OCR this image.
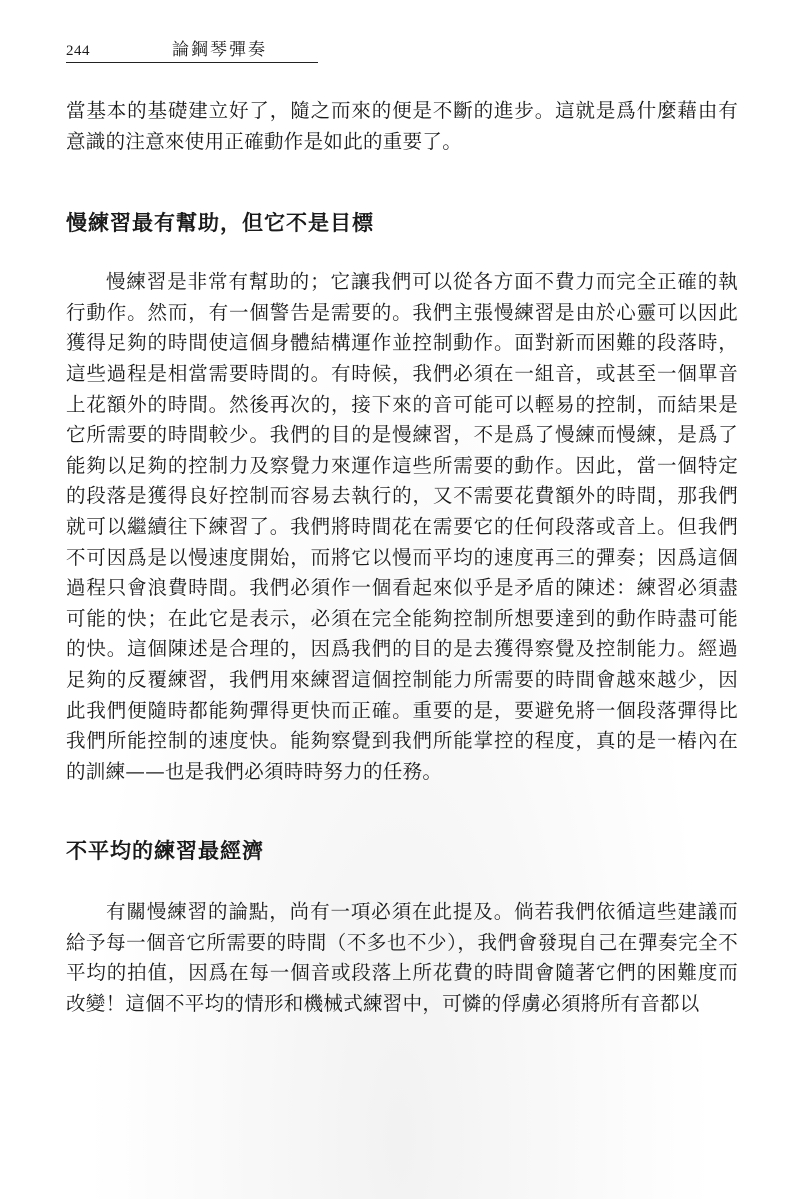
244	論鋼琴彈奏

當基本的基礎建立好了，隨之而來的便是不斷的進步。這就是爲什麼藉由有意識的注意來使用正確動作是如此的重要了。

慢練習最有幫助，但它不是目標

慢練習是非常有幫助的；它讓我們可以從各方面不費力而完全正確的執行動作。然而，有一個警告是需要的。我們主張慢練習是由於心靈可以因此獲得足夠的時間使這個身體結構運作並控制動作。面對新而困難的段落時，這些過程是相當需要時間的。有時候，我們必須在一組音，或甚至一個單音上花額外的時間。然後再次的，接下來的音可能可以輕易的控制，而結果是它所需要的時間較少。我們的目的是慢練習，不是爲了慢練而慢練，是爲了能夠以足夠的控制力及察覺力來運作這些所需要的動作。因此，當一個特定的段落是獲得良好控制而容易去執行的，又不需要花費額外的時間，那我們就可以繼續往下練習了。我們將時間花在需要它的任何段落或音上。但我們不可因爲是以慢速度開始，而將它以慢而平均的速度再三的彈奏；因爲這個過程只會浪費時間。我們必須作一個看起來似乎是矛盾的陳述：練習必須盡可能的快；在此它是表示，必須在完全能夠控制所想要達到的動作時盡可能的快。這個陳述是合理的，因爲我們的目的是去獲得察覺及控制能力。經過足夠的反覆練習，我們用來練習這個控制能力所需要的時間會越來越少，因此我們便隨時都能夠彈得更快而正確。重要的是，要避免將一個段落彈得比我們所能控制的速度快。能夠察覺到我們所能掌控的程度，真的是一樁內在的訓練——也是我們必須時時努力的任務。

不平均的練習最經濟

有關慢練習的論點，尚有一項必須在此提及。倘若我們依循這些建議而給予每一個音它所需要的時間（不多也不少），我們會發現自己在彈奏完全不平均的拍值，因爲在每一個音或段落上所花費的時間會隨著它們的困難度而改變！這個不平均的情形和機械式練習中，可憐的俘虜必須將所有音都以
